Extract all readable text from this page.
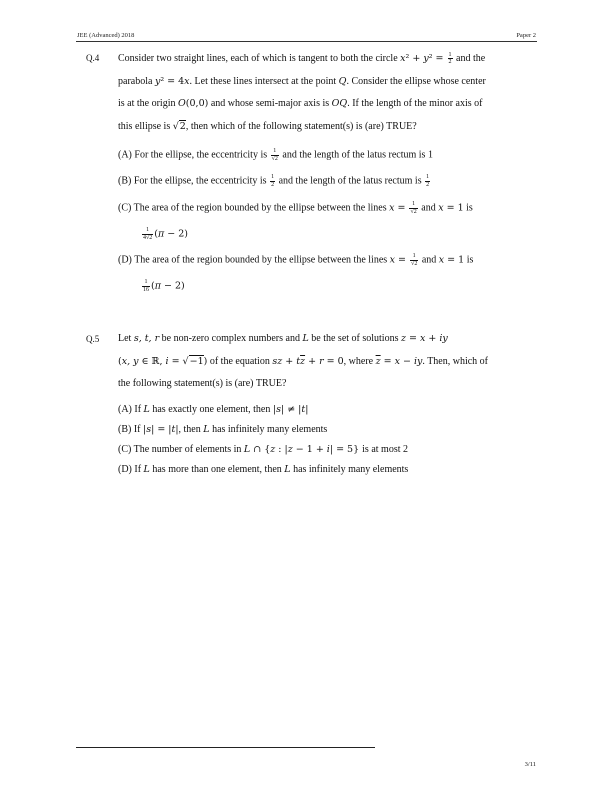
JEE (Advanced) 2018	Paper 2
Q.4 Consider two straight lines, each of which is tangent to both the circle $x^2 + y^2 = \frac{1}{2}$ and the

parabola y² = 4x. Let these lines intersect at the point Q. Consider the ellipse whose center

is at the origin O(0,0) and whose semi-major axis is OQ. If the length of the minor axis of

this ellipse is √2, then which of the following statement(s) is (are) TRUE?

(A) For the ellipse, the eccentricity is $\frac{1}{√2}$ and the length of the latus rectum is 1
(B) For the ellipse, the eccentricity is $\frac{1}{2}$ and the length of the latus rectum is $\frac{1}{2}$
(C) The area of the region bounded by the ellipse between the lines $x = \frac{1}{√2}$ and x = 1 is
$\frac{1}{4√2} (\pi - 2)$
(D) The area of the region bounded by the ellipse between the lines $x = \frac{1}{√2}$ and x = 1 is
$\frac{1}{16} (\pi - 2)$
Q.5 Let s, t, r be non-zero complex numbers and L be the set of solutions z = x + iy

(x, y ∈ ℝ, i = √−1) of the equation sz + $t\overline{z} + r = 0$, where $\overline{z} = x$ − iy. Then, which of

the following statement(s) is (are) TRUE?

(A) If L has exactly one element, then |s| ≠ |t|
(B) If |s| = |t|, then L has infinitely many elements
(C) The number of elements in L ∩ {z : |z − 1 + i| = 5} is at most 2
(D) If L has more than one element, then L has infinitely many elements
3/11
